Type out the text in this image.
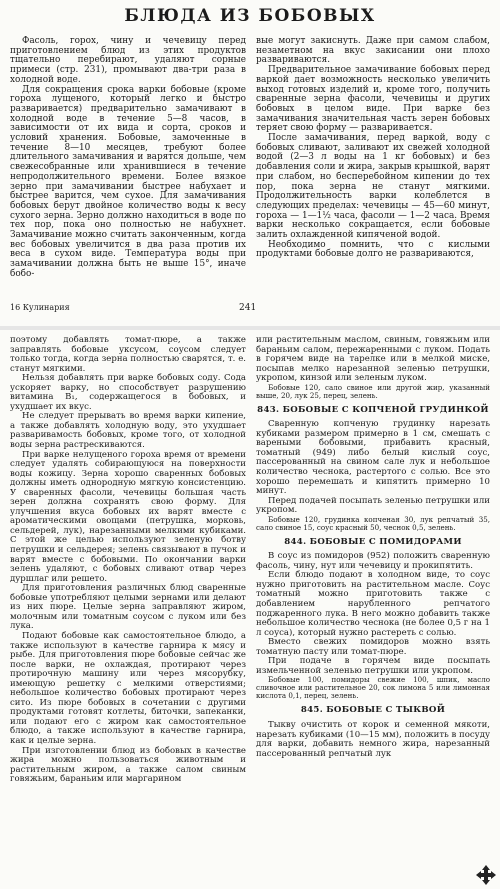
БЛЮДА ИЗ БОБОВЫХ

Фасоль, горох, чину и чечевицу перед приготовлением блюд из этих продуктов тщательно перебирают, удаляют сорные примеси (стр. 231), промывают два-три раза в холодной воде.

Для сокращения срока варки бобовые (кроме гороха лущеного, который легко и быстро разваривается) предварительно замачивают в холодной воде в течение 5—8 часов, в зависимости от их вида и сорта, сроков и условий хранения. Бобовые, замоченные в течение 8—10 месяцев, требуют более длительного замачивания и варятся дольше, чем свежесобранные или хранившиеся в течение непродолжительного времени. Более вязкое зерно при замачивании быстрее набухает и быстрее варится, чем сухое. Для замачивания бобовых берут двойное количество воды к весу сухого зерна. Зерно должно находиться в воде по тех пор, пока оно полностью не набухнет. Замачивание можно считать законченным, когда вес бобовых увеличится в два раза против их веса в сухом виде. Температура воды при замачивании должна быть не выше 15°, иначе бобо-

вые могут закиснуть. Даже при самом слабом, незаметном на вкус закисании они плохо развариваются.

Предварительное замачивание бобовых перед варкой дает возможность несколько увеличить выход готовых изделий и, кроме того, получить сваренные зерна фасоли, чечевицы и других бобовых в целом виде. При варке без замачивания значительная часть зерен бобовых теряет свою форму — разваривается.

После замачивания, перед варкой, воду с бобовых сливают, заливают их свежей холодной водой (2—3 л воды на 1 кг бобовых) и без добавления соли и жира, закрыв крышкой, варят при слабом, но бесперебойном кипении до тех пор, пока зерна не станут мягкими. Продолжительность варки колеблется в следующих пределах: чечевицы — 45—60 минут, гороха — 1—1½ часа, фасоли — 1—2 часа. Время варки несколько сокращается, если бобовые залить охлажденной кипяченой водой.

Необходимо помнить, что с кислыми продуктами бобовые долго не развариваются,

16 Кулинария	241

поэтому добавлять томат-пюре, а также заправлять бобовые уксусом, соусом следует только тогда, когда зерна полностью сварятся, т. е. станут мягкими.

Нельзя добавлять при варке бобовых соду. Сода ускоряет варку, но способствует разрушению витамина B₁, содержащегося в бобовых, и ухудшает их вкус.

Не следует прерывать во время варки кипение, а также добавлять холодную воду, это ухудшает разваривамость бобовых, кроме того, от холодной воды зерна растрескиваются.

При варке нелущеного гороха время от времени следует удалять собирающуюся на поверхности воды кожицу. Зерна хорошо сваренных бобовых должны иметь однородную мягкую консистенцию. У сваренных фасоли, чечевицы большая часть зерен должна сохранять свою форму. Для улучшения вкуса бобовых их варят вместе с ароматическими овощами (петрушка, морковь, сельдерей, лук), нарезанными мелкими кубиками. С этой же целью используют зеленую ботву петрушки и сельдерея; зелень связывают в пучок и варят вместе с бобовыми. По окончании варки зелень удаляют, с бобовых сливают отвар через дуршлаг или решето.

Для приготовления различных блюд сваренные бобовые употребляют целыми зернами или делают из них пюре. Целые зерна заправляют жиром, молочным или томатным соусом с луком или без лука.

Подают бобовые как самостоятельное блюдо, а также используют в качестве гарнира к мясу и рыбе. Для приготовления пюре бобовые сейчас же после варки, не охлаждая, протирают через протирочную машину или через мясорубку, имеющую решетку с мелкими отверстиями; небольшое количество бобовых протирают через сито. Из пюре бобовых в сочетании с другими продуктами готовят котлеты, биточки, запеканки, или подают его с жиром как самостоятельное блюдо, а также используют в качестве гарнира, как и целые зерна.

При изготовлении блюд из бобовых в качестве жира можно пользоваться животным и растительным жиром, а также салом свиным говяжьим, бараньим или маргарином

или растительным маслом, свиным, говяжьим или бараньим салом, пережаренными с луком. Подать в горячем виде на тарелке или в мелкой миске, посыпав мелко нарезанной зеленью петрушки, укропом, кинзой или зеленым луком.

Бобовые 120, сало свиное или другой жир, указанный выше, 20, лук 25, перец, зелень.

843. БОБОВЫЕ С КОПЧЕНОЙ ГРУДИНКОЙ

Сваренную копченую грудинку нарезать кубиками размером примерно в 1 см, смешать с вареными бобовыми, прибавить красный, томатный (949) либо белый кислый соус, пассерованный на свином сале лук и небольшое количество чеснока, растертого с солью. Все это хорошо перемешать и кипятить примерно 10 минут.

Перед подачей посыпать зеленью петрушки или укропом.

Бобовые 120, грудинка копченая 30, лук репчатый 35, сало свиное 15, соус красный 50, чеснок 0,5, зелень.

844. БОБОВЫЕ С ПОМИДОРАМИ

В соус из помидоров (952) положить сваренную фасоль, чину, нут или чечевицу и прокипятить.

Если блюдо подают в холодном виде, то соус нужно приготовить на растительном масле. Соус томатный можно приготовить также с добавлением нарубленного репчатого поджаренного лука. В него можно добавить также небольшое количество чеснока (не более 0,5 г на 1 л соуса), который нужно растереть с солью.

Вместо свежих помидоров можно взять томатную пасту или томат-пюре.

При подаче в горячем виде посыпать измельченной зеленью петрушки или укропом.

Бобовые 100, помидоры свежие 100, шпик, масло сливочное или растительное 20, сок лимона 5 или лимонная кислота 0,1, перец, зелень.

845. БОБОВЫЕ С ТЫКВОЙ

Тыкву очистить от корок и семенной мякоти, нарезать кубиками (10—15 мм), положить в посуду для варки, добавить немного жира, нарезанный пассерованный репчатый лук
